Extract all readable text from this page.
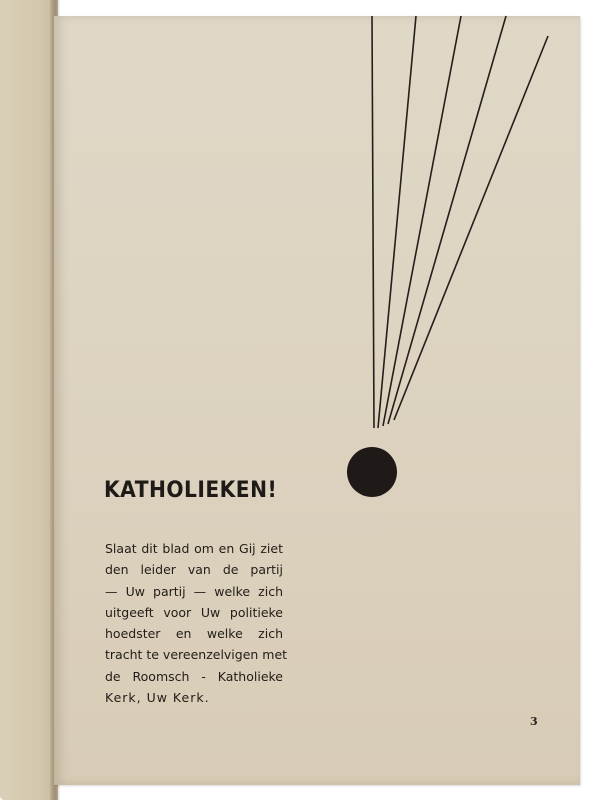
KATHOLIEKEN!
Slaat dit blad om en Gij ziet
den leider van de partij
— Uw partij — welke zich
uitgeeft voor Uw politieke
hoedster en welke zich
tracht te vereenzelvigen met
de Roomsch - Katholieke
Kerk, Uw Kerk.
3
